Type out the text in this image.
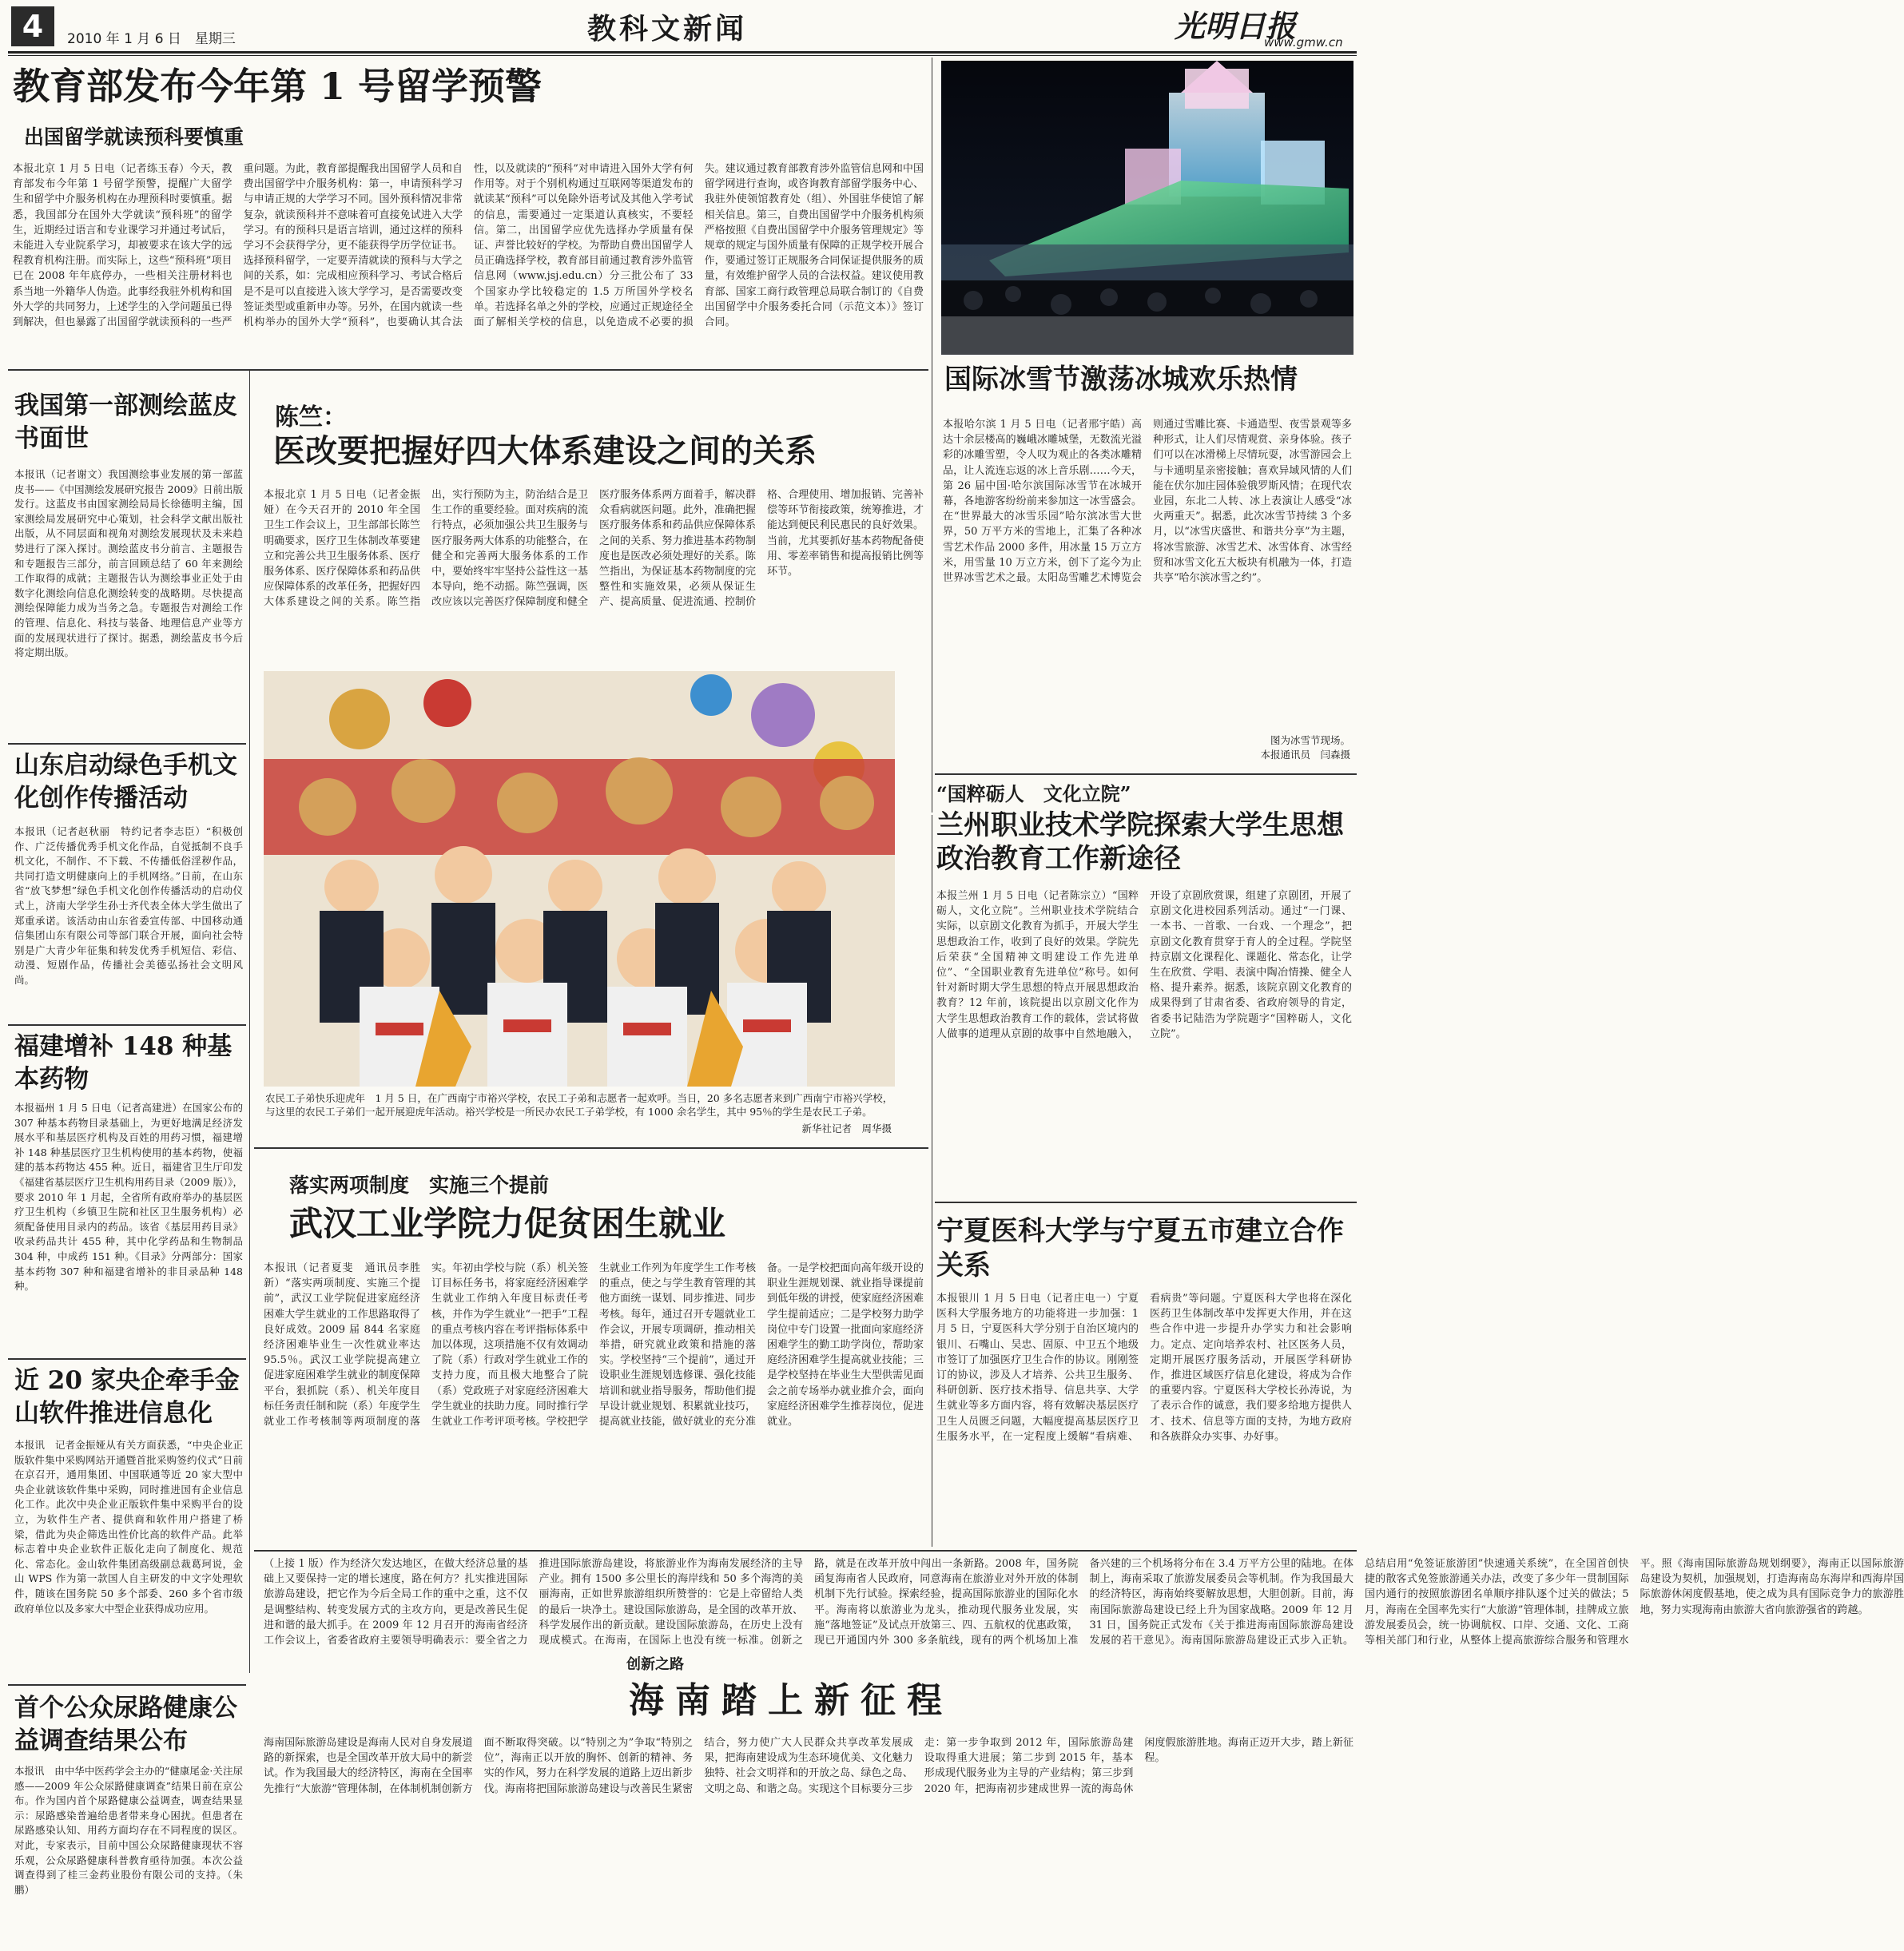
4	2010 年 1 月 6 日　星期三	教科文新闻	光明日报
www.gmw.cn
教育部发布今年第 1 号留学预警
出国留学就读预科要慎重
本报北京 1 月 5 日电（记者练玉春）今天，教育部发布今年第 1 号留学预警，提醒广大留学生和留学中介服务机构在办理预科时要慎重。据悉，我国部分在国外大学就读“预科班”的留学生，近期经过语言和专业课学习并通过考试后，未能进入专业院系学习，却被要求在该大学的远程教育机构注册。而实际上，这些“预科班”项目已在 2008 年年底停办，一些相关注册材料也系当地一外籍华人伪造。此事经我驻外机构和国外大学的共同努力，上述学生的入学问题虽已得到解决，但也暴露了出国留学就读预科的一些严重问题。为此，教育部提醒我出国留学人员和自费出国留学中介服务机构：第一，申请预科学习与申请正规的大学学习不同。国外预科情况非常复杂，就读预科并不意味着可直接免试进入大学学习。有的预科只是语言培训，通过这样的预科学习不会获得学分，更不能获得学历学位证书。选择预科留学，一定要弄清就读的预科与大学之间的关系，如：完成相应预科学习、考试合格后是不是可以直接进入该大学学习，是否需要改变签证类型或重新申办等。另外，在国内就读一些机构举办的国外大学“预科”，也要确认其合法性，以及就读的“预科”对申请进入国外大学有何作用等。对于个别机构通过互联网等渠道发布的就读某“预科”可以免除外语考试及其他入学考试的信息，需要通过一定渠道认真核实，不要轻信。第二，出国留学应优先选择办学质量有保证、声誉比较好的学校。为帮助自费出国留学人员正确选择学校，教育部目前通过教育涉外监管信息网（www.jsj.edu.cn）分三批公布了 33 个国家办学比较稳定的 1.5 万所国外学校名单。若选择名单之外的学校，应通过正规途径全面了解相关学校的信息，以免造成不必要的损失。建议通过教育部教育涉外监管信息网和中国留学网进行查询，或咨询教育部留学服务中心、我驻外使领馆教育处（组）、外国驻华使馆了解相关信息。第三，自费出国留学中介服务机构须严格按照《自费出国留学中介服务管理规定》等规章的规定与国外质量有保障的正规学校开展合作，要通过签订正规服务合同保证提供服务的质量，有效维护留学人员的合法权益。建议使用教育部、国家工商行政管理总局联合制订的《自费出国留学中介服务委托合同（示范文本）》签订合同。
国际冰雪节激荡冰城欢乐热情
本报哈尔滨 1 月 5 日电（记者邢宇皓）高达十余层楼高的巍峨冰雕城堡，无数流光溢彩的冰雕雪塑，令人叹为观止的各类冰雕精品，让人流连忘返的冰上音乐剧……今天，第 26 届中国·哈尔滨国际冰雪节在冰城开幕，各地游客纷纷前来参加这一冰雪盛会。在“世界最大的冰雪乐园”哈尔滨冰雪大世界，50 万平方米的雪地上，汇集了各种冰雪艺术作品 2000 多件，用冰量 15 万立方米，用雪量 10 万立方米，创下了迄今为止世界冰雪艺术之最。太阳岛雪雕艺术博览会则通过雪雕比赛、卡通造型、夜雪景观等多种形式，让人们尽情观赏、亲身体验。孩子们可以在冰滑梯上尽情玩耍，冰雪游园会上与卡通明星亲密接触；喜欢异域风情的人们能在伏尔加庄园体验俄罗斯风情；在现代农业园，东北二人转、冰上表演让人感受“冰火两重天”。据悉，此次冰雪节持续 3 个多月，以“冰雪庆盛世、和谐共分享”为主题，将冰雪旅游、冰雪艺术、冰雪体育、冰雪经贸和冰雪文化五大板块有机融为一体，打造共享“哈尔滨冰雪之约”。
图为冰雪节现场。
本报通讯员　闫森摄
我国第一部测绘蓝皮书面世
本报讯（记者谢文）我国测绘事业发展的第一部蓝皮书——《中国测绘发展研究报告 2009》日前出版发行。这蓝皮书由国家测绘局局长徐德明主编，国家测绘局发展研究中心策划，社会科学文献出版社出版，从不同层面和视角对测绘发展现状及未来趋势进行了深入探讨。测绘蓝皮书分前言、主题报告和专题报告三部分，前言回顾总结了 60 年来测绘工作取得的成就；主题报告认为测绘事业正处于由数字化测绘向信息化测绘转变的战略期。尽快提高测绘保障能力成为当务之急。专题报告对测绘工作的管理、信息化、科技与装备、地理信息产业等方面的发展现状进行了探讨。据悉，测绘蓝皮书今后将定期出版。
山东启动绿色手机文化创作传播活动
本报讯（记者赵秋丽　特约记者李志臣）“积极创作、广泛传播优秀手机文化作品，自觉抵制不良手机文化，不制作、不下载、不传播低俗淫秽作品，共同打造文明健康向上的手机网络。”日前，在山东省“放飞梦想”绿色手机文化创作传播活动的启动仪式上，济南大学学生孙士齐代表全体大学生做出了郑重承诺。该活动由山东省委宣传部、中国移动通信集团山东有限公司等部门联合开展，面向社会特别是广大青少年征集和转发优秀手机短信、彩信、动漫、短剧作品，传播社会美德弘扬社会文明风尚。
福建增补 148 种基本药物
本报福州 1 月 5 日电（记者高建进）在国家公布的 307 种基本药物目录基础上，为更好地满足经济发展水平和基层医疗机构及百姓的用药习惯，福建增补 148 种基层医疗卫生机构使用的基本药物，使福建的基本药物达 455 种。近日，福建省卫生厅印发《福建省基层医疗卫生机构用药目录（2009 版）》，要求 2010 年 1 月起，全省所有政府举办的基层医疗卫生机构（乡镇卫生院和社区卫生服务机构）必须配备使用目录内的药品。该省《基层用药目录》收录药品共计 455 种，其中化学药品和生物制品 304 种，中成药 151 种。《目录》分两部分：国家基本药物 307 种和福建省增补的非目录品种 148 种。
近 20 家央企牵手金山软件推进信息化
本报讯　记者金振娅从有关方面获悉，“中央企业正版软件集中采购网站开通暨首批采购签约仪式”日前在京召开，通用集团、中国联通等近 20 家大型中央企业就该软件集中采购，同时推进国有企业信息化工作。此次中央企业正版软件集中采购平台的设立，为软件生产者、提供商和软件用户搭建了桥梁，借此为央企筛选出性价比高的软件产品。此举标志着中央企业软件正版化走向了制度化、规范化、常态化。金山软件集团高级副总裁葛珂说，金山 WPS 作为第一款国人自主研发的中文字处理软件，随该在国务院 50 多个部委、260 多个省市级政府单位以及多家大中型企业获得成功应用。
首个公众尿路健康公益调查结果公布
本报讯　由中华中医药学会主办的“健康尾金·关注尿感——2009 年公众尿路健康调查”结果日前在京公布。作为国内首个尿路健康公益调查，调查结果显示：尿路感染普遍给患者带来身心困扰。但患者在尿路感染认知、用药方面均存在不同程度的误区。对此，专家表示，目前中国公众尿路健康现状不容乐观，公众尿路健康科普教育亟待加强。本次公益调查得到了桂三金药业股份有限公司的支持。（朱鹏）
陈竺：
医改要把握好四大体系建设之间的关系
本报北京 1 月 5 日电（记者金振娅）在今天召开的 2010 年全国卫生工作会议上，卫生部部长陈竺明确要求，医疗卫生体制改革要建立和完善公共卫生服务体系、医疗服务体系、医疗保障体系和药品供应保障体系的改革任务，把握好四大体系建设之间的关系。陈竺指出，实行预防为主，防治结合是卫生工作的重要经验。面对疾病的流行特点，必须加强公共卫生服务与医疗服务两大体系的功能整合，在健全和完善两大服务体系的工作中，要始终牢牢坚持公益性这一基本导向，绝不动摇。陈竺强调，医改应该以完善医疗保障制度和健全医疗服务体系两方面着手，解决群众看病就医问题。此外，准确把握医疗服务体系和药品供应保障体系之间的关系、努力推进基本药物制度也是医改必须处理好的关系。陈竺指出，为保证基本药物制度的完整性和实施效果，必须从保证生产、提高质量、促进流通、控制价格、合理使用、增加报销、完善补偿等环节衔接政策，统筹推进，才能达到便民利民惠民的良好效果。当前，尤其要抓好基本药物配备使用、零差率销售和提高报销比例等环节。
农民工子弟快乐迎虎年　1 月 5 日，在广西南宁市裕兴学校，农民工子弟和志愿者一起欢呼。当日，20 多名志愿者来到广西南宁市裕兴学校，与这里的农民工子弟们一起开展迎虎年活动。裕兴学校是一所民办农民工子弟学校，有 1000 余名学生，其中 95％的学生是农民工子弟。
新华社记者　周华摄
落实两项制度　实施三个提前
武汉工业学院力促贫困生就业
本报讯（记者夏斐　通讯员李胜新）“落实两项制度、实施三个提前”，武汉工业学院促进家庭经济困难大学生就业的工作思路取得了良好成效。2009 届 844 名家庭经济困难毕业生一次性就业率达 95.5％。武汉工业学院提高建立促进家庭困难学生就业的制度保障平台，狠抓院（系）、机关年度目标任务责任制和院（系）年度学生就业工作考核制等两项制度的落实。年初由学校与院（系）机关签订目标任务书，将家庭经济困难学生就业工作纳入年度目标责任考核，并作为学生就业“一把手”工程的重点考核内容在考评指标体系中加以体现，这项措施不仅有效调动了院（系）行政对学生就业工作的支持力度，而且极大地整合了院（系）党政班子对家庭经济困难大学生就业的扶助力度。同时推行学生就业工作考评项考核。学校把学生就业工作列为年度学生工作考核的重点，使之与学生教育管理的其他方面统一谋划、同步推进、同步考核。每年，通过召开专题就业工作会议，开展专项调研，推动相关举措，研究就业政策和措施的落实。学校坚持“三个提前”，通过开设职业生涯规划选修课、强化技能培训和就业指导服务，帮助他们提早设计就业规划、积累就业技巧，提高就业技能，做好就业的充分准备。一是学校把面向高年级开设的职业生涯规划课、就业指导课提前到低年级的讲授，使家庭经济困难学生提前适应；二是学校努力助学岗位中专门设置一批面向家庭经济困难学生的勤工助学岗位，帮助家庭经济困难学生提高就业技能；三是学校坚持在毕业生大型供需见面会之前专场举办就业推介会，面向家庭经济困难学生推荐岗位，促进就业。
“国粹砺人　文化立院”
兰州职业技术学院探索大学生思想政治教育工作新途径
本报兰州 1 月 5 日电（记者陈宗立）“国粹砺人，文化立院”。兰州职业技术学院结合实际，以京剧文化教育为抓手，开展大学生思想政治工作，收到了良好的效果。学院先后荣获“全国精神文明建设工作先进单位”、“全国职业教育先进单位”称号。如何针对新时期大学生思想的特点开展思想政治教育？12 年前，该院提出以京剧文化作为大学生思想政治教育工作的载体，尝试将做人做事的道理从京剧的故事中自然地融入，开设了京剧欣赏课，组建了京剧团，开展了京剧文化进校园系列活动。通过“一门课、一本书、一首歌、一台戏、一个理念”，把京剧文化教育贯穿于育人的全过程。学院坚持京剧文化课程化、课题化、常态化，让学生在欣赏、学唱、表演中陶冶情操、健全人格、提升素养。据悉，该院京剧文化教育的成果得到了甘肃省委、省政府领导的肯定，省委书记陆浩为学院题字“国粹砺人，文化立院”。
宁夏医科大学与宁夏五市建立合作关系
本报银川 1 月 5 日电（记者庄电一）宁夏医科大学服务地方的功能将进一步加强：1 月 5 日，宁夏医科大学分别于自治区境内的银川、石嘴山、吴忠、固原、中卫五个地级市签订了加强医疗卫生合作的协议。刚刚签订的协议，涉及人才培养、公共卫生服务、科研创新、医疗技术指导、信息共享、大学生就业等多方面内容，将有效解决基层医疗卫生人员匮乏问题，大幅度提高基层医疗卫生服务水平，在一定程度上缓解“看病难、看病贵”等问题。宁夏医科大学也将在深化医药卫生体制改革中发挥更大作用，并在这些合作中进一步提升办学实力和社会影响力。定点、定向培养农村、社区医务人员，定期开展医疗服务活动，开展医学科研协作，推进区域医疗信息化建设，将成为合作的重要内容。宁夏医科大学校长孙涛说，为了表示合作的诚意，我们要多给地方提供人才、技术、信息等方面的支持，为地方政府和各族群众办实事、办好事。
（上接 1 版）作为经济欠发达地区，在做大经济总量的基础上又要保持一定的增长速度，路在何方？扎实推进国际旅游岛建设，把它作为今后全局工作的重中之重，这不仅是调整结构、转变发展方式的主攻方向，更是改善民生促进和谐的最大抓手。在 2009 年 12 月召开的海南省经济工作会议上，省委省政府主要领导明确表示：要全省之力推进国际旅游岛建设，将旅游业作为海南发展经济的主导产业。拥有 1500 多公里长的海岸线和 50 多个海湾的美丽海南，正如世界旅游组织所赞誉的：它是上帝留给人类的最后一块净土。建设国际旅游岛，是全国的改革开放、科学发展作出的新贡献。建设国际旅游岛，在历史上没有现成模式。在海南，在国际上也没有统一标准。创新之路，就是在改革开放中闯出一条新路。2008 年，国务院函复海南省人民政府，同意海南在旅游业对外开放的体制机制下先行试验。探索经验，提高国际旅游业的国际化水平。海南将以旅游业为龙头，推动现代服务业发展，实施“落地签证”及试点开放第三、四、五航权的优惠政策，现已开通国内外 300 多条航线，现有的两个机场加上准备兴建的三个机场将分布在 3.4 万平方公里的陆地。在体制上，海南采取了旅游发展委员会等机制。作为我国最大的经济特区，海南始终要解放思想，大胆创新。目前，海南国际旅游岛建设已经上升为国家战略。2009 年 12 月 31 日，国务院正式发布《关于推进海南国际旅游岛建设发展的若干意见》。海南国际旅游岛建设正式步入正轨。总结启用“免签证旅游团”快速通关系统”，在全国首创快捷的散客式免签旅游通关办法，改变了多少年一贯制国际国内通行的按照旅游团名单顺序排队逐个过关的做法；5 月，海南在全国率先实行“大旅游”管理体制，挂牌成立旅游发展委员会，统一协调航权、口岸、交通、文化、工商等相关部门和行业，从整体上提高旅游综合服务和管理水平。照《海南国际旅游岛规划纲要》，海南正以国际旅游岛建设为契机，加强规划，打造海南岛东海岸和西海岸国际旅游休闲度假基地，使之成为具有国际竞争力的旅游胜地，努力实现海南由旅游大省向旅游强省的跨越。
创新之路
海南踏上新征程
海南国际旅游岛建设是海南人民对自身发展道路的新探索，也是全国改革开放大局中的新尝试。作为我国最大的经济特区，海南在全国率先推行“大旅游”管理体制，在体制机制创新方面不断取得突破。以“特别之为”争取“特别之位”，海南正以开放的胸怀、创新的精神、务实的作风，努力在科学发展的道路上迈出新步伐。海南将把国际旅游岛建设与改善民生紧密结合，努力使广大人民群众共享改革发展成果，把海南建设成为生态环境优美、文化魅力独特、社会文明祥和的开放之岛、绿色之岛、文明之岛、和谐之岛。实现这个目标要分三步走：第一步争取到 2012 年，国际旅游岛建设取得重大进展；第二步到 2015 年，基本形成现代服务业为主导的产业结构；第三步到 2020 年，把海南初步建成世界一流的海岛休闲度假旅游胜地。海南正迈开大步，踏上新征程。
